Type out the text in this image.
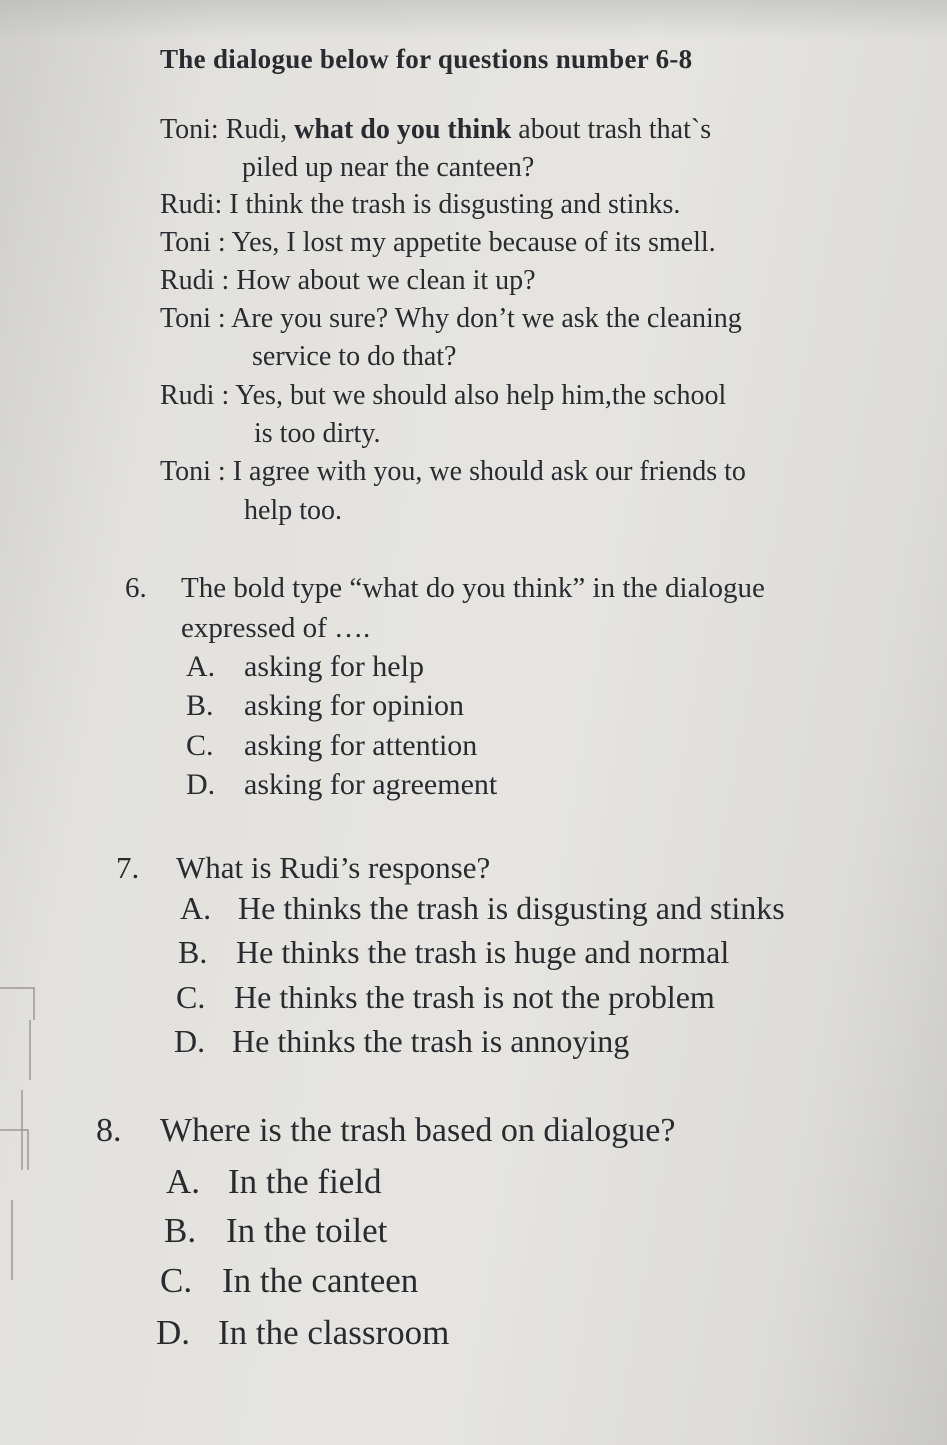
The dialogue below for questions number 6-8
Toni: Rudi, what do you think about trash that`s
piled up near the canteen?
Rudi: I think the trash is disgusting and stinks.
Toni : Yes, I lost my appetite because of its smell.
Rudi : How about we clean it up?
Toni : Are you sure? Why don’t we ask the cleaning
service to do that?
Rudi : Yes, but we should also help him,the school
is too dirty.
Toni : I agree with you, we should ask our friends to
help too.
6. The bold type “what do you think” in the dialogue
expressed of ….
A. asking for help
B. asking for opinion
C. asking for attention
D. asking for agreement
7. What is Rudi’s response?
A. He thinks the trash is disgusting and stinks
B. He thinks the trash is huge and normal
C. He thinks the trash is not the problem
D. He thinks the trash is annoying
8. Where is the trash based on dialogue?
A. In the field
B. In the toilet
C. In the canteen
D. In the classroom
